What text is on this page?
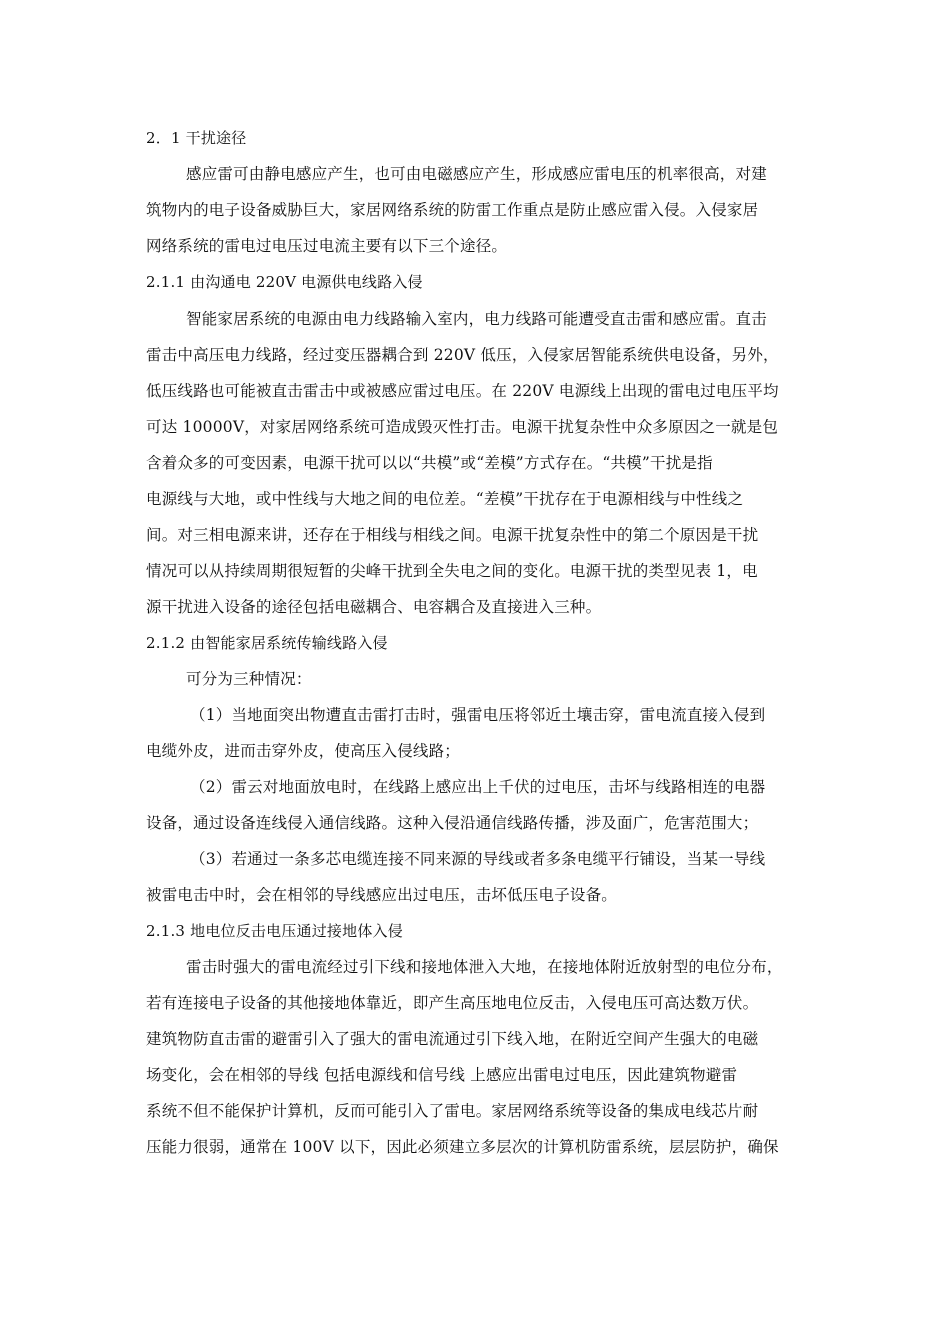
2．1 干扰途径
感应雷可由静电感应产生，也可由电磁感应产生，形成感应雷电压的机率很高，对建
筑物内的电子设备威胁巨大，家居网络系统的防雷工作重点是防止感应雷入侵。入侵家居
网络系统的雷电过电压过电流主要有以下三个途径。
2.1.1 由沟通电 220V 电源供电线路入侵
智能家居系统的电源由电力线路输入室内，电力线路可能遭受直击雷和感应雷。直击
雷击中高压电力线路，经过变压器耦合到 220V 低压，入侵家居智能系统供电设备，另外，
低压线路也可能被直击雷击中或被感应雷过电压。在 220V 电源线上出现的雷电过电压平均
可达 10000V，对家居网络系统可造成毁灭性打击。电源干扰复杂性中众多原因之一就是包
含着众多的可变因素，电源干扰可以以“共模”或“差模”方式存在。“共模”干扰是指
电源线与大地，或中性线与大地之间的电位差。“差模”干扰存在于电源相线与中性线之
间。对三相电源来讲，还存在于相线与相线之间。电源干扰复杂性中的第二个原因是干扰
情况可以从持续周期很短暂的尖峰干扰到全失电之间的变化。电源干扰的类型见表 1，电
源干扰进入设备的途径包括电磁耦合、电容耦合及直接进入三种。
2.1.2 由智能家居系统传输线路入侵
可分为三种情况：
（1）当地面突出物遭直击雷打击时，强雷电压将邻近土壤击穿，雷电流直接入侵到
电缆外皮，进而击穿外皮，使高压入侵线路；
（2）雷云对地面放电时，在线路上感应出上千伏的过电压，击坏与线路相连的电器
设备，通过设备连线侵入通信线路。这种入侵沿通信线路传播，涉及面广，危害范围大；
（3）若通过一条多芯电缆连接不同来源的导线或者多条电缆平行铺设，当某一导线
被雷电击中时，会在相邻的导线感应出过电压，击坏低压电子设备。
2.1.3 地电位反击电压通过接地体入侵
雷击时强大的雷电流经过引下线和接地体泄入大地，在接地体附近放射型的电位分布，
若有连接电子设备的其他接地体靠近，即产生高压地电位反击，入侵电压可高达数万伏。
建筑物防直击雷的避雷引入了强大的雷电流通过引下线入地，在附近空间产生强大的电磁
场变化，会在相邻的导线 包括电源线和信号线 上感应出雷电过电压，因此建筑物避雷
系统不但不能保护计算机，反而可能引入了雷电。家居网络系统等设备的集成电线芯片耐
压能力很弱，通常在 100V 以下，因此必须建立多层次的计算机防雷系统，层层防护，确保
